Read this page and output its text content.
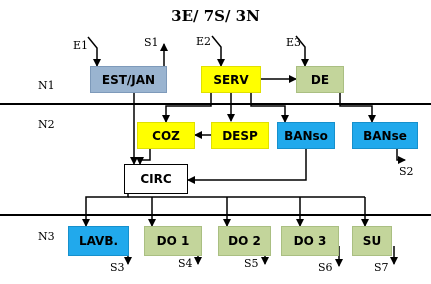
3E/ 7S/ 3N
N1
N2
N3
E1	E2	E3
S1
S2
S3	S4	S5	S6	S7
EST/JAN	SERV	DE
COZ	DESP	BANso	BANse
CIRC
LAVB.	DO 1	DO 2	DO 3	SU
